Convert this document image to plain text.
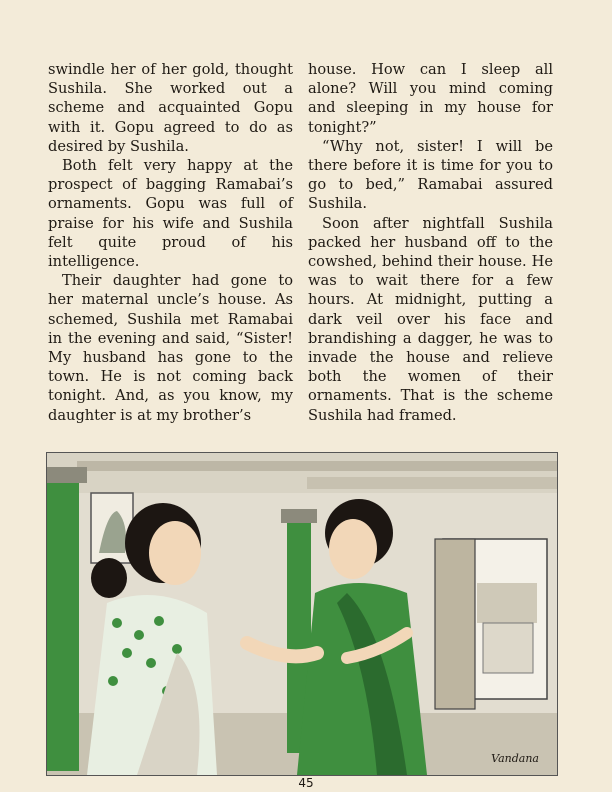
swindle her of her gold, thought Sushila. She worked out a scheme and acquainted Gopu with it. Gopu agreed to do as desired by Sushila.

Both felt very happy at the prospect of bagging Ramabai’s ornaments. Gopu was full of praise for his wife and Sushila felt quite proud of his intelligence.

Their daughter had gone to her maternal uncle’s house. As schemed, Sushila met Ramabai in the evening and said, “Sister! My husband has gone to the town. He is not coming back tonight. And, as you know, my daughter is at my brother’s

house. How can I sleep all alone? Will you mind coming and sleeping in my house for tonight?”

“Why not, sister! I will be there before it is time for you to go to bed,” Ramabai assured Sushila.

Soon after nightfall Sushila packed her husband off to the cowshed, behind their house. He was to wait there for a few hours. At midnight, putting a dark veil over his face and brandishing a dagger, he was to invade the house and relieve both the women of their ornaments. That is the scheme Sushila had framed.

Vandana
45
